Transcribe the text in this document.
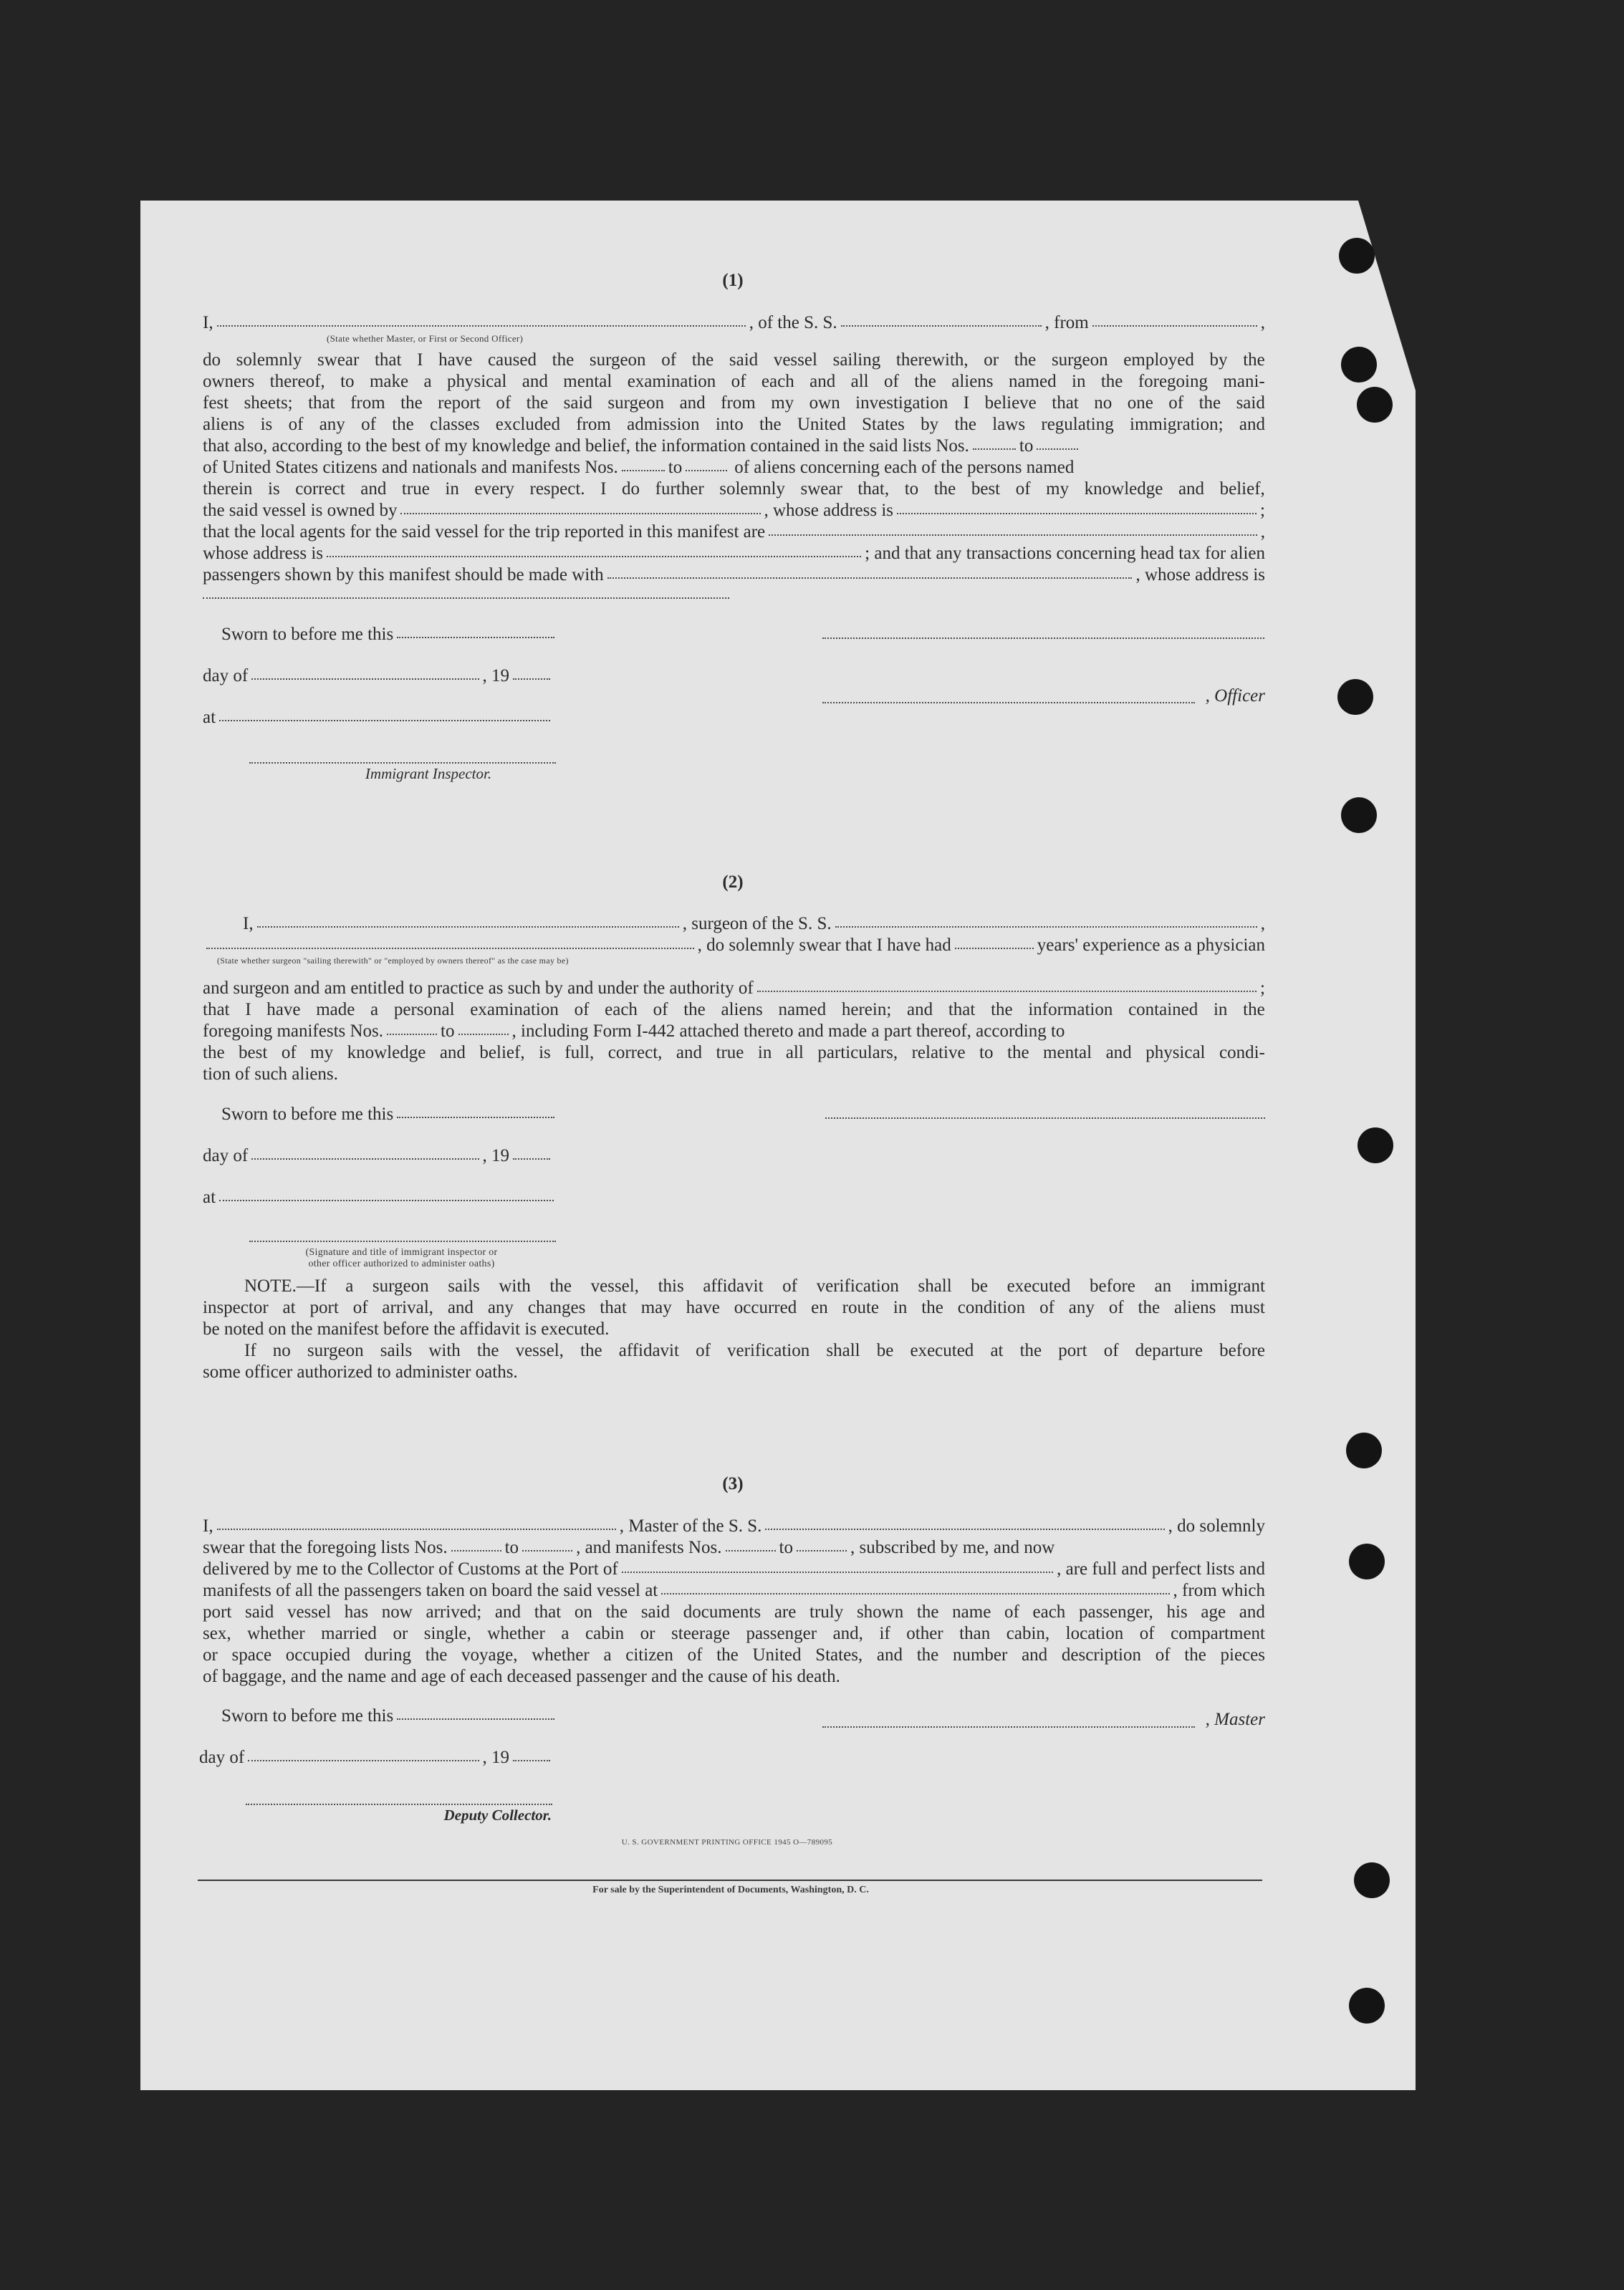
(1)
(2)
(3)
I,	, of the S. S.	, from	,
(State whether Master, or First or Second Officer)
do solemnly swear that I have caused the surgeon of the said vessel sailing therewith, or the surgeon employed by the
owners thereof, to make a physical and mental examination of each and all of the aliens named in the foregoing mani-
fest sheets; that from the report of the said surgeon and from my own investigation I believe that no one of the said
aliens is of any of the classes excluded from admission into the United States by the laws regulating immigration; and
that also, according to the best of my knowledge and belief, the information contained in the said lists Nos.	to
of United States citizens and nationals and manifests Nos.	to	of aliens concerning each of the persons named
therein is correct and true in every respect. I do further solemnly swear that, to the best of my knowledge and belief,
the said vessel is owned by	, whose address is	;
that the local agents for the said vessel for the trip reported in this manifest are	,
whose address is	; and that any transactions concerning head tax for alien
passengers shown by this manifest should be made with	, whose address is
Sworn to before me this
day of	, 19
, Officer
at
Immigrant Inspector.
I,	, surgeon of the S. S.	,
, do solemnly swear that I have had	years' experience as a physician
(State whether surgeon "sailing therewith" or "employed by owners thereof" as the case may be)
and surgeon and am entitled to practice as such by and under the authority of	;
that I have made a personal examination of each of the aliens named herein; and that the information contained in the
foregoing manifests Nos.	to	, including Form I-442 attached thereto and made a part thereof, according to
the best of my knowledge and belief, is full, correct, and true in all particulars, relative to the mental and physical condi-
tion of such aliens.
Sworn to before me this
day of	, 19
at
(Signature and title of immigrant inspector or
other officer authorized to administer oaths)
NOTE.—If a surgeon sails with the vessel, this affidavit of verification shall be executed before an immigrant
inspector at port of arrival, and any changes that may have occurred en route in the condition of any of the aliens must
be noted on the manifest before the affidavit is executed.
If no surgeon sails with the vessel, the affidavit of verification shall be executed at the port of departure before
some officer authorized to administer oaths.
I,	, Master of the S. S.	, do solemnly
swear that the foregoing lists Nos.	to	, and manifests Nos.	to	, subscribed by me, and now
delivered by me to the Collector of Customs at the Port of	, are full and perfect lists and
manifests of all the passengers taken on board the said vessel at	, from which
port said vessel has now arrived; and that on the said documents are truly shown the name of each passenger, his age and
sex, whether married or single, whether a cabin or steerage passenger and, if other than cabin, location of compartment
or space occupied during the voyage, whether a citizen of the United States, and the number and description of the pieces
of baggage, and the name and age of each deceased passenger and the cause of his death.
Sworn to before me this	, Master
day of	, 19
Deputy Collector.
U. S. GOVERNMENT PRINTING OFFICE 1945 O—789095
For sale by the Superintendent of Documents, Washington, D. C.
